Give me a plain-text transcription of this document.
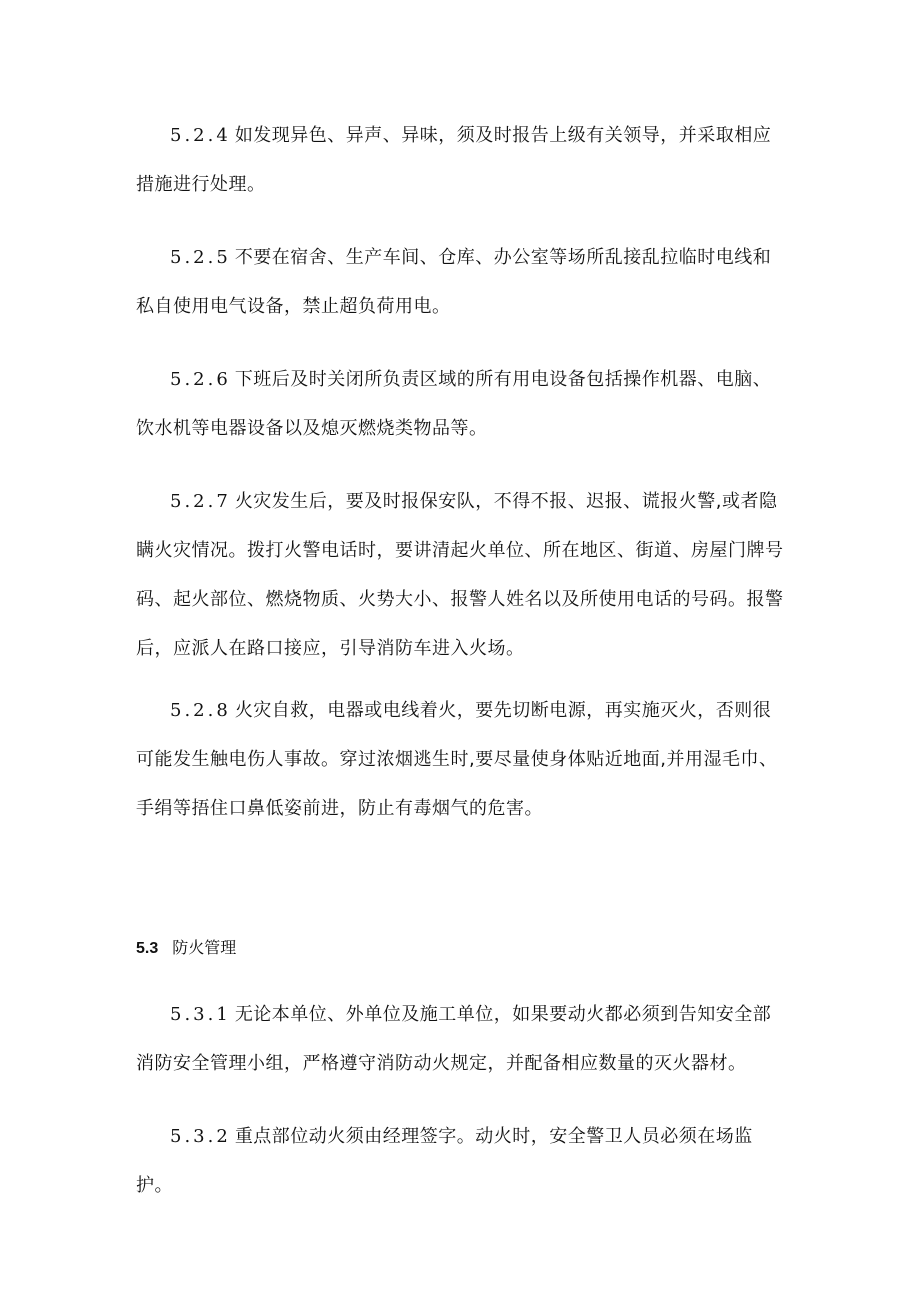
5.2.4 如发现异色、异声、异味，须及时报告上级有关领导，并采取相应措施进行处理。

5.2.5 不要在宿舍、生产车间、仓库、办公室等场所乱接乱拉临时电线和私自使用电气设备，禁止超负荷用电。

5.2.6 下班后及时关闭所负责区域的所有用电设备包括操作机器、电脑、饮水机等电器设备以及熄灭燃烧类物品等。

5.2.7 火灾发生后，要及时报保安队，不得不报、迟报、谎报火警,或者隐瞒火灾情况。拨打火警电话时，要讲清起火单位、所在地区、街道、房屋门牌号码、起火部位、燃烧物质、火势大小、报警人姓名以及所使用电话的号码。报警后，应派人在路口接应，引导消防车进入火场。

5.2.8 火灾自救，电器或电线着火，要先切断电源，再实施灭火，否则很可能发生触电伤人事故。穿过浓烟逃生时,要尽量使身体贴近地面,并用湿毛巾、手绢等捂住口鼻低姿前进，防止有毒烟气的危害。

5.3 防火管理

5.3.1 无论本单位、外单位及施工单位，如果要动火都必须到告知安全部消防安全管理小组，严格遵守消防动火规定，并配备相应数量的灭火器材。

5.3.2 重点部位动火须由经理签字。动火时，安全警卫人员必须在场监护。
